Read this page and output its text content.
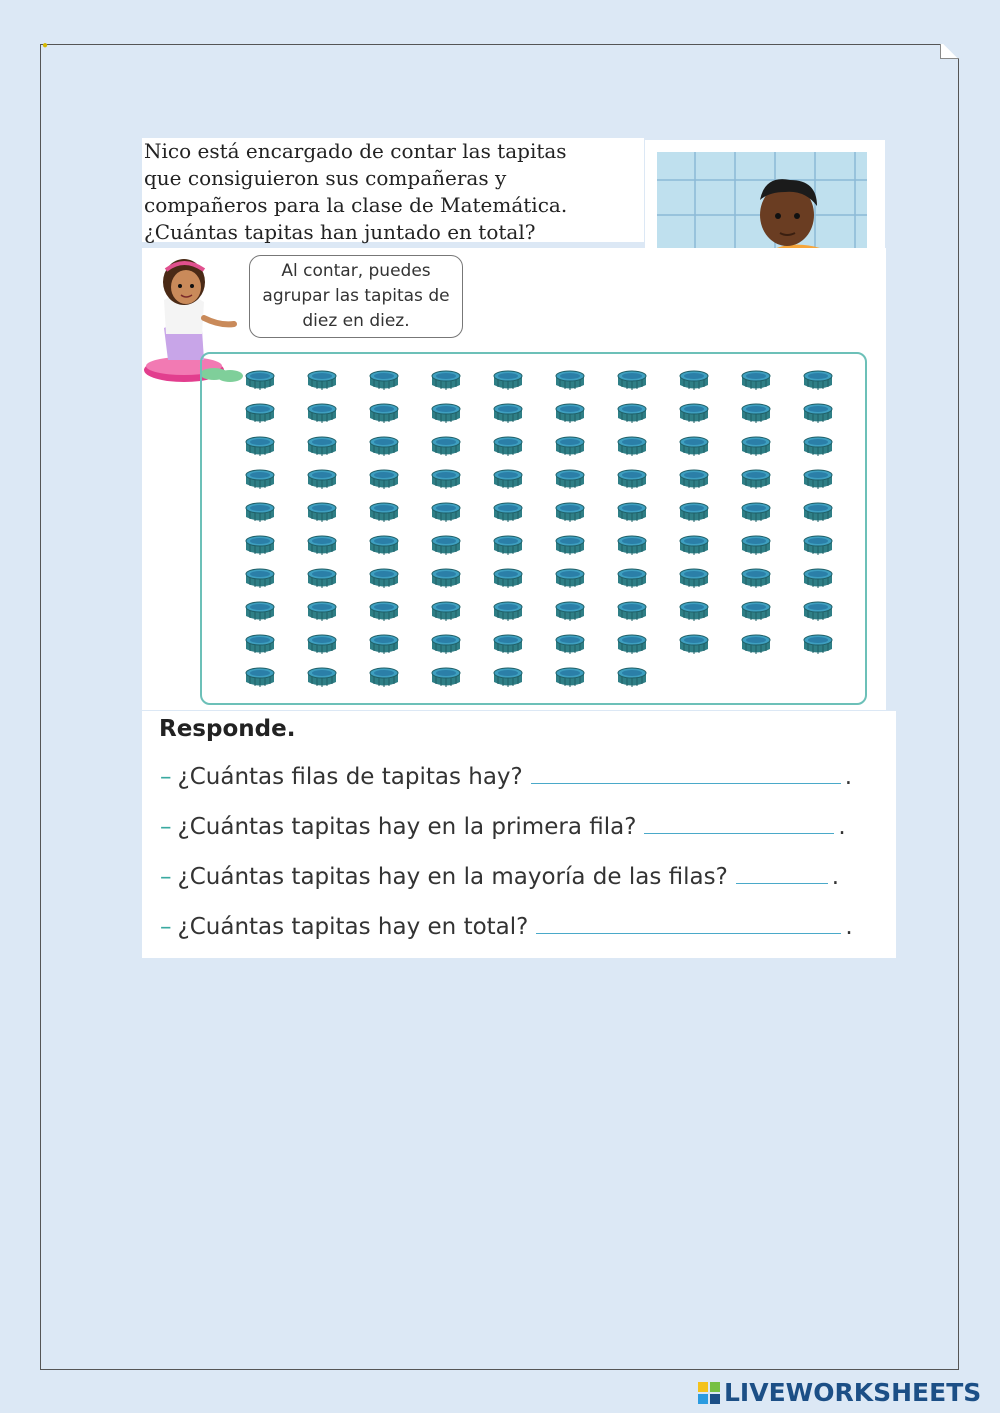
●

Nico está encargado de contar las tapitas

que consiguieron sus compañeras y

compañeros para la clase de Matemática.

¿Cuántas tapitas han juntado en total?

Al contar, puedes
agrupar las tapitas de
diez en diez.
Responde.
– ¿Cuántas filas de tapitas hay?	.
– ¿Cuántas tapitas hay en la primera fila?	.
– ¿Cuántas tapitas hay en la mayoría de las filas?	.
– ¿Cuántas tapitas hay en total?	.
LIVEWORKSHEETS
